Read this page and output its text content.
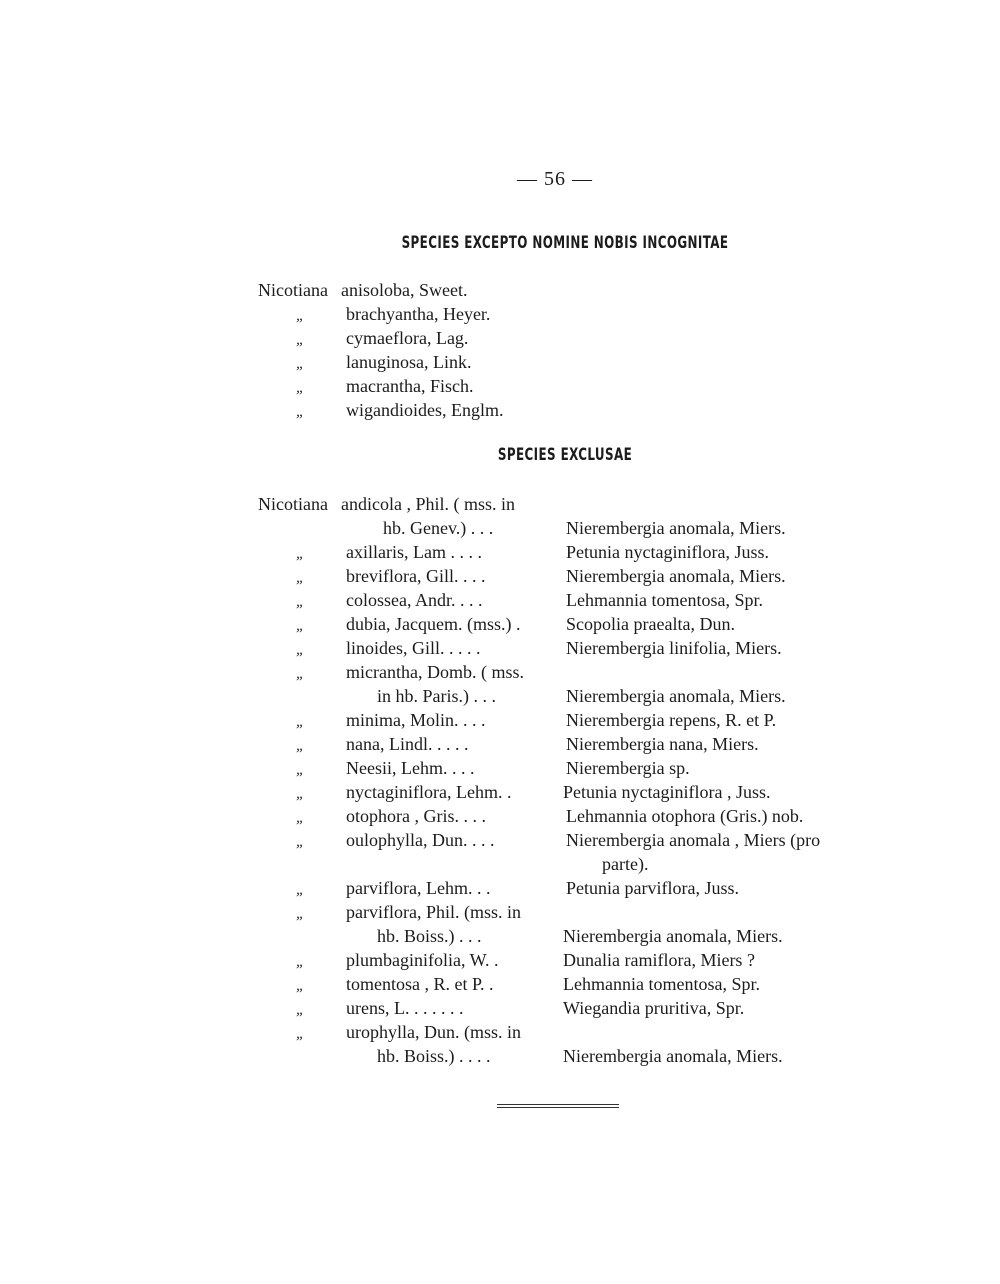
— 56 —
SPECIES EXCEPTO NOMINE NOBIS INCOGNITAE
Nicotiana anisoloba, Sweet.
„ brachyantha, Heyer.
„ cymaeflora, Lag.
„ lanuginosa, Link.
„ macrantha, Fisch.
„ wigandioides, Englm.
SPECIES EXCLUSAE
Nicotiana andicola , Phil. ( mss. in
hb. Genev.) . . .	Nierembergia anomala, Miers.
„ axillaris, Lam . . . .	Petunia nyctaginiflora, Juss.
„ breviflora, Gill. . . .	Nierembergia anomala, Miers.
„ colossea, Andr. . . .	Lehmannia tomentosa, Spr.
„ dubia, Jacquem. (mss.) .	Scopolia praealta, Dun.
„ linoides, Gill. . . . .	Nierembergia linifolia, Miers.
„ micrantha, Domb. ( mss.
in hb. Paris.) . . .	Nierembergia anomala, Miers.
„ minima, Molin. . . .	Nierembergia repens, R. et P.
„ nana, Lindl. . . . .	Nierembergia nana, Miers.
„ Neesii, Lehm. . . .	Nierembergia sp.
„ nyctaginiflora, Lehm. .	Petunia nyctaginiflora , Juss.
„ otophora , Gris. . . .	Lehmannia otophora (Gris.) nob.
„ oulophylla, Dun. . . .	Nierembergia anomala , Miers (pro
parte).
„ parviflora, Lehm. . .	Petunia parviflora, Juss.
„ parviflora, Phil. (mss. in
hb. Boiss.) . . .	Nierembergia anomala, Miers.
„ plumbaginifolia, W. .	Dunalia ramiflora, Miers ?
„ tomentosa , R. et P. .	Lehmannia tomentosa, Spr.
„ urens, L. . . . . . .	Wiegandia pruritiva, Spr.
„ urophylla, Dun. (mss. in
hb. Boiss.) . . . .	Nierembergia anomala, Miers.
